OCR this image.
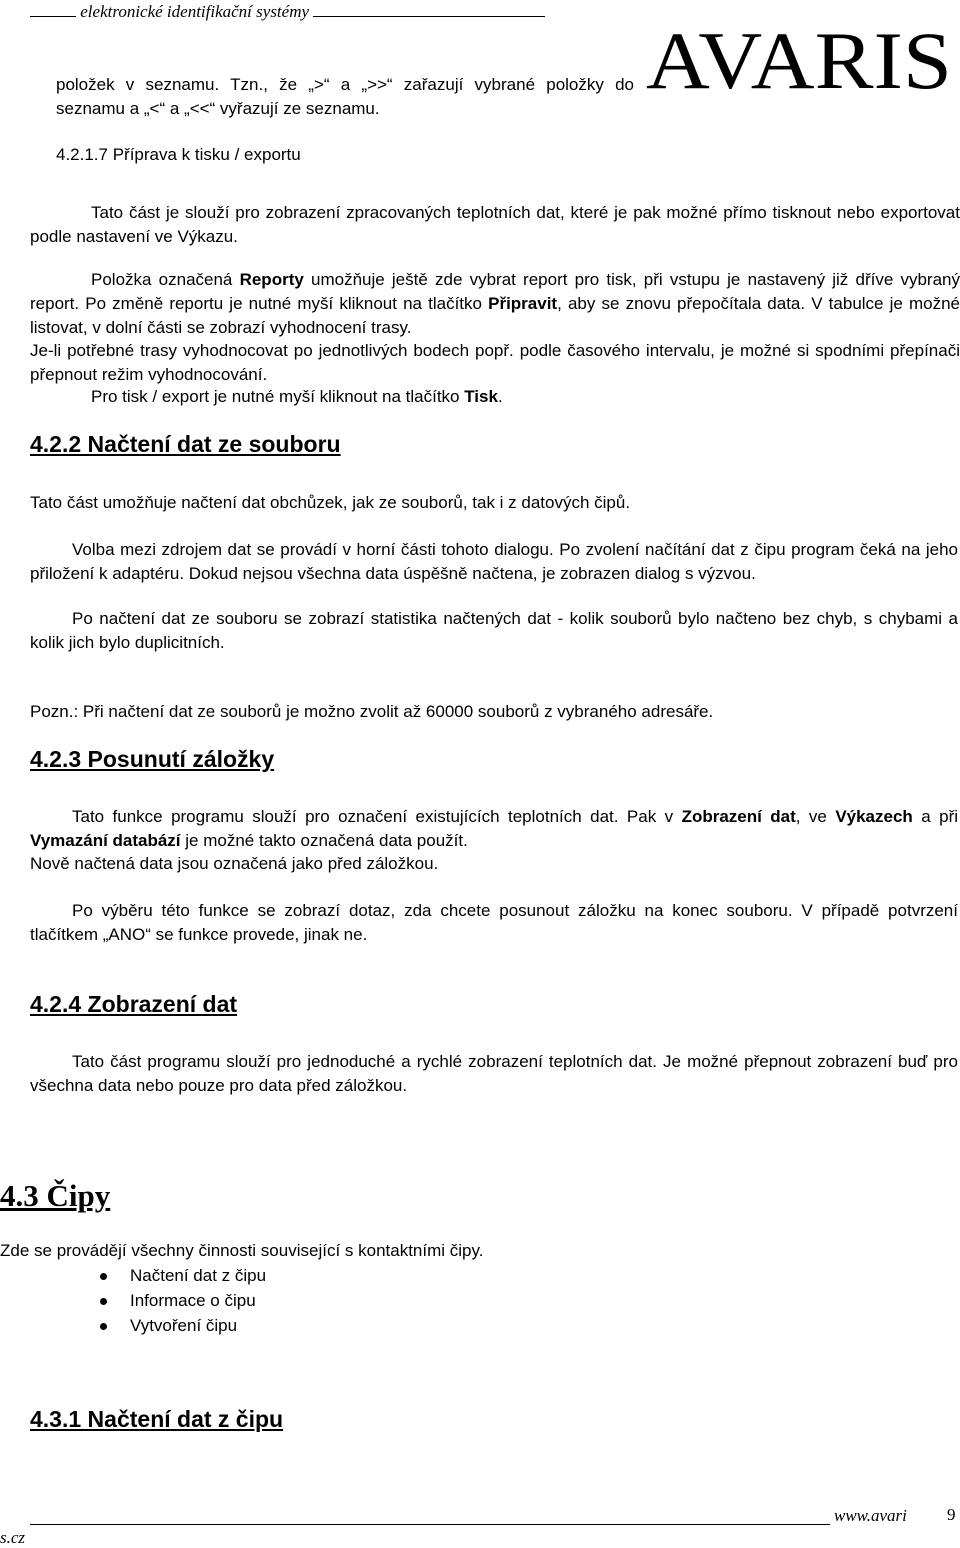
elektronické identifikační systémy
AVARIS
položek v seznamu. Tzn., že „>“ a „>>“ zařazují vybrané položky do seznamu a „<“ a „<<“ vyřazují ze seznamu.
4.2.1.7 Příprava k tisku / exportu
Tato část je slouží pro zobrazení zpracovaných teplotních dat, které je pak možné přímo tisknout nebo exportovat podle nastavení ve Výkazu.
Položka označená Reporty umožňuje ještě zde vybrat report pro tisk, při vstupu je nastavený již dříve vybraný report. Po změně reportu je nutné myší kliknout na tlačítko Připravit, aby se znovu přepočítala data. V tabulce je možné listovat, v dolní části se zobrazí vyhodnocení trasy.
Je-li potřebné trasy vyhodnocovat po jednotlivých bodech popř. podle časového intervalu, je možné si spodními přepínači přepnout režim vyhodnocování.
Pro tisk / export je nutné myší kliknout na tlačítko Tisk.
4.2.2 Načtení dat ze souboru
Tato část umožňuje načtení dat obchůzek, jak ze souborů, tak i z datových čipů.
Volba mezi zdrojem dat se provádí v horní části tohoto dialogu. Po zvolení načítání dat z čipu program čeká na jeho přiložení k adaptéru. Dokud nejsou všechna data úspěšně načtena, je zobrazen dialog s výzvou.
Po načtení dat ze souboru se zobrazí statistika načtených dat - kolik souborů bylo načteno bez chyb, s chybami a kolik jich bylo duplicitních.
Pozn.: Při načtení dat ze souborů je možno zvolit až 60000 souborů z vybraného adresáře.
4.2.3 Posunutí záložky
Tato funkce programu slouží pro označení existujících teplotních dat. Pak v Zobrazení dat, ve Výkazech a při Vymazání databází je možné takto označená data použít.
Nově načtená data jsou označená jako před záložkou.
Po výběru této funkce se zobrazí dotaz, zda chcete posunout záložku na konec souboru. V případě potvrzení tlačítkem „ANO“ se funkce provede, jinak ne.
4.2.4 Zobrazení dat
Tato část programu slouží pro jednoduché a rychlé zobrazení teplotních dat. Je možné přepnout zobrazení buď pro všechna data nebo pouze pro data před záložkou.
4.3 Čipy
Zde se provádějí všechny činnosti související s kontaktními čipy.
Načtení dat z čipu
Informace o čipu
Vytvoření čipu
4.3.1 Načtení dat z čipu
www.avari 9
s.cz
